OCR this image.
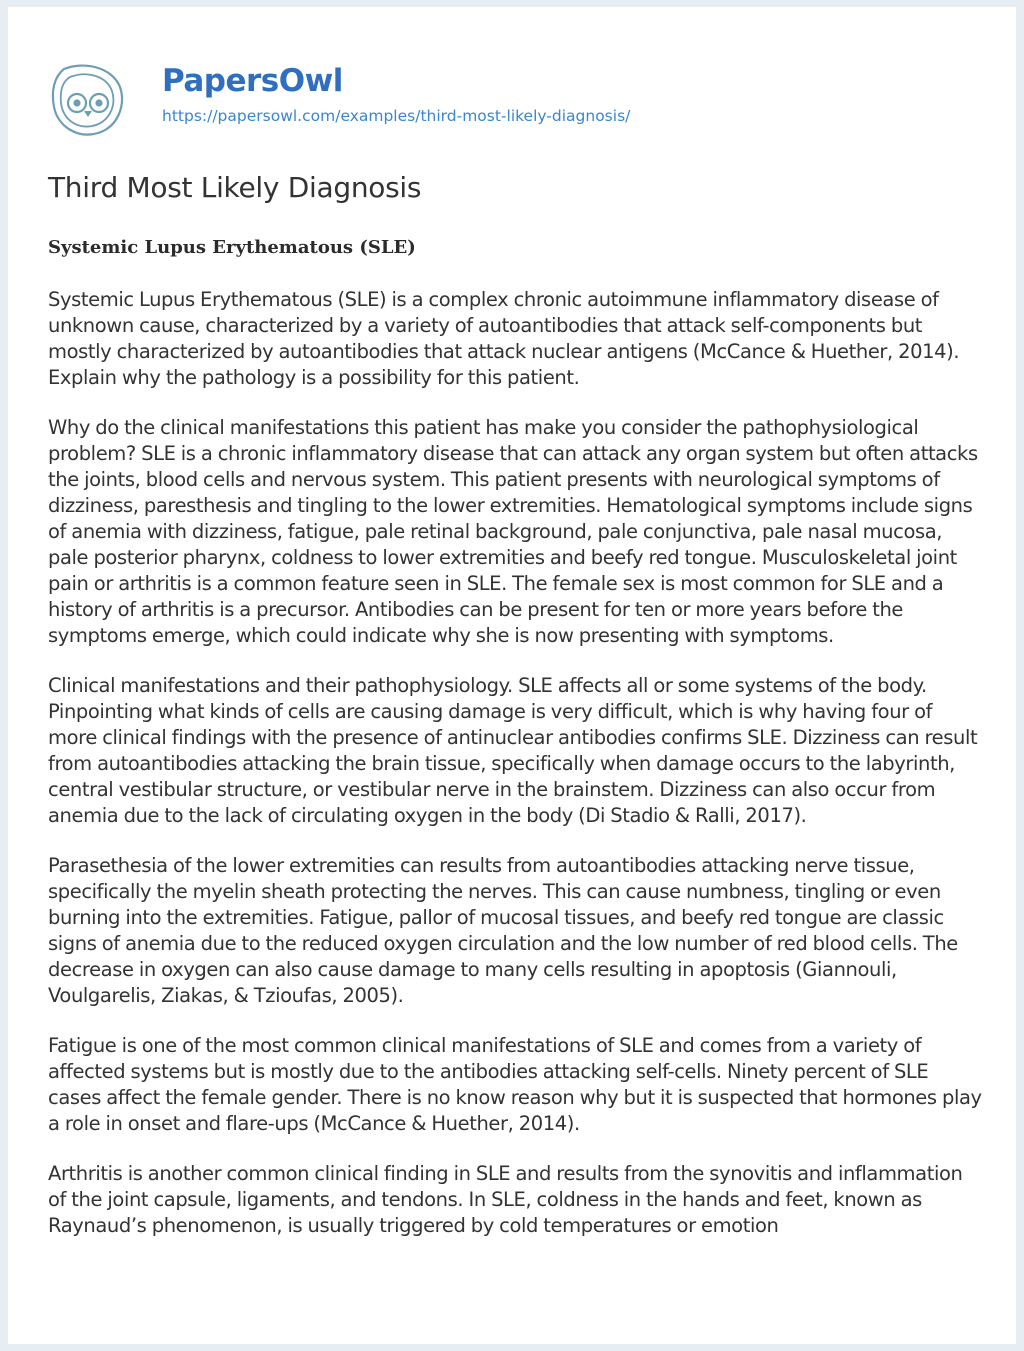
PapersOwl
https://papersowl.com/examples/third-most-likely-diagnosis/
Third Most Likely Diagnosis
Systemic Lupus Erythematous (SLE)

Systemic Lupus Erythematous (SLE) is a complex chronic autoimmune inflammatory disease of unknown cause, characterized by a variety of autoantibodies that attack self-components but mostly characterized by autoantibodies that attack nuclear antigens (McCance & Huether, 2014). Explain why the pathology is a possibility for this patient.

Why do the clinical manifestations this patient has make you consider the pathophysiological problem? SLE is a chronic inflammatory disease that can attack any organ system but often attacks the joints, blood cells and nervous system. This patient presents with neurological symptoms of dizziness, paresthesis and tingling to the lower extremities. Hematological symptoms include signs of anemia with dizziness, fatigue, pale retinal background, pale conjunctiva, pale nasal mucosa, pale posterior pharynx, coldness to lower extremities and beefy red tongue. Musculoskeletal joint pain or arthritis is a common feature seen in SLE. The female sex is most common for SLE and a history of arthritis is a precursor. Antibodies can be present for ten or more years before the symptoms emerge, which could indicate why she is now presenting with symptoms.

Clinical manifestations and their pathophysiology. SLE affects all or some systems of the body. Pinpointing what kinds of cells are causing damage is very difficult, which is why having four of more clinical findings with the presence of antinuclear antibodies confirms SLE. Dizziness can result from autoantibodies attacking the brain tissue, specifically when damage occurs to the labyrinth, central vestibular structure, or vestibular nerve in the brainstem. Dizziness can also occur from anemia due to the lack of circulating oxygen in the body (Di Stadio & Ralli, 2017).

Parasethesia of the lower extremities can results from autoantibodies attacking nerve tissue, specifically the myelin sheath protecting the nerves. This can cause numbness, tingling or even burning into the extremities. Fatigue, pallor of mucosal tissues, and beefy red tongue are classic signs of anemia due to the reduced oxygen circulation and the low number of red blood cells. The decrease in oxygen can also cause damage to many cells resulting in apoptosis (Giannouli, Voulgarelis, Ziakas, & Tzioufas, 2005).

Fatigue is one of the most common clinical manifestations of SLE and comes from a variety of affected systems but is mostly due to the antibodies attacking self-cells. Ninety percent of SLE cases affect the female gender. There is no know reason why but it is suspected that hormones play a role in onset and flare-ups (McCance & Huether, 2014).

Arthritis is another common clinical finding in SLE and results from the synovitis and inflammation of the joint capsule, ligaments, and tendons. In SLE, coldness in the hands and feet, known as Raynaud’s phenomenon, is usually triggered by cold temperatures or emotion
